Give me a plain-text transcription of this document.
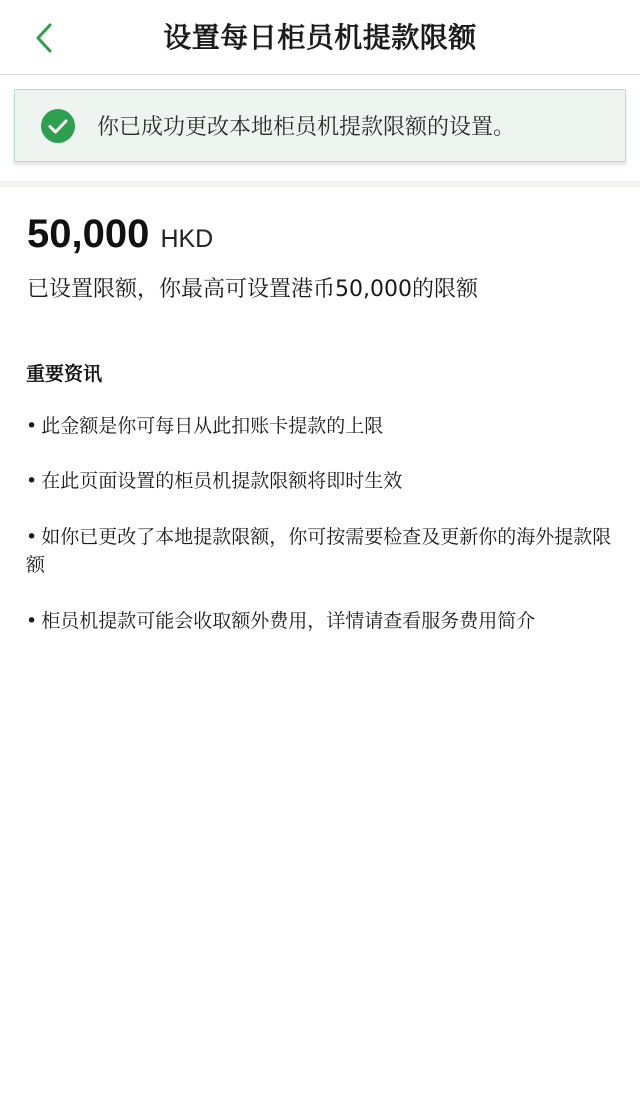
设置每日柜员机提款限额
你已成功更改本地柜员机提款限额的设置。
50,000 HKD
已设置限额，你最高可设置港币50,000的限额
重要资讯
• 此金额是你可每日从此扣账卡提款的上限
• 在此页面设置的柜员机提款限额将即时生效
• 如你已更改了本地提款限额，你可按需要检查及更新你的海外提款限额
• 柜员机提款可能会收取额外费用，详情请查看服务费用简介
